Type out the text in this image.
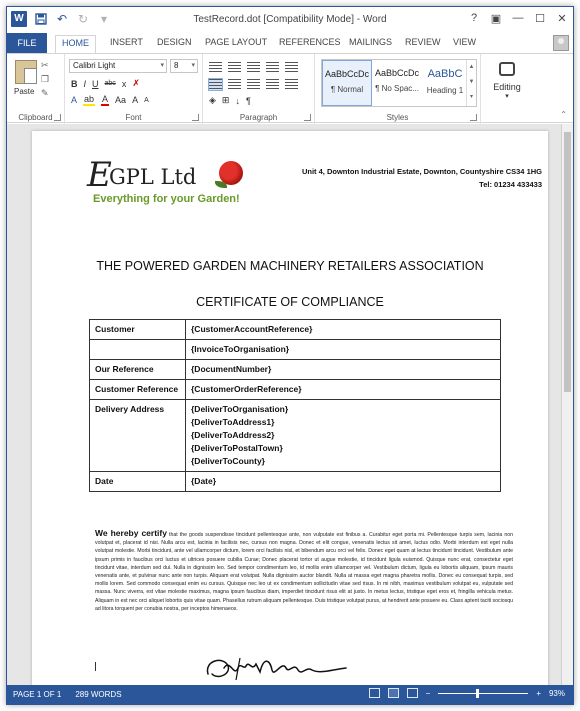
W	↶ ↻	▾	TestRecord.dot [Compatibility Mode] - Word	?	▣	—	☐	✕
FILE	HOME	INSERT DESIGN PAGE LAYOUT REFERENCES MAILINGS REVIEW VIEW
Paste
✂
❐
✎
Clipboard
Calibri Light	▾	8 ▾
B I U abc x ✗
A ab A Aa A A
Font
◈ ⊞ ↓ ¶
Paragraph
AaBbCcDc
¶ Normal
AaBbCcDc
¶ No Spac...
AaBbC
Heading 1
▲
▼
▾
Styles
Editing
▾
⌃
E
GPL Ltd
Everything for your Garden!
Unit 4, Downton Industrial Estate, Downton, Countyshire CS34 1HG
Tel: 01234 433433
THE POWERED GARDEN MACHINERY RETAILERS ASSOCIATION
CERTIFICATE OF COMPLIANCE
Customer	{CustomerAccountReference}
	{InvoiceToOrganisation}
Our Reference	{DocumentNumber}
Customer Reference	{CustomerOrderReference}
Delivery Address	{DeliverToOrganisation}
{DeliverToAddress1}
{DeliverToAddress2}
{DeliverToPostalTown}
{DeliverToCounty}

Date	{Date}
We hereby certify that the goods suspendisse tincidunt pellentesque ante, non vulputate est finibus a. Curabitur eget porta mi. Pellentesque turpis sem, lacinia non volutpat et, placerat id nisi. Nulla arcu est, lacinia in facilisis nec, cursus non magna. Donec et elit congue, venenatis lectus sit amet, luctus odio. Morbi interdum est eget nulla volutpat molestie. Morbi tincidunt, ante vel ullamcorper dictum, lorem orci facilisis nisl, et bibendum arcu orci vel felis. Donec eget quam at lectus tincidunt tincidunt. Vestibulum ante ipsum primis in faucibus orci luctus et ultrices posuere cubilia Curae; Donec placerat tortor ut augue molestie, id tincidunt ligula euismod. Quisque nunc erat, consectetur eget tincidunt vitae, interdum sed dui. Nulla in dignissim leo. Sed tempor condimentum leo, id mollis enim ullamcorper vel. Vestibulum dictum, ligula eu lobortis aliquam, ipsum mauris venenatis ante, et pulvinar nunc ante non turpis. Aliquam erat volutpat. Nulla dignissim auctor blandit. Nulla at massa eget magna pharetra mollis. Donec eu consequat turpis, sed mollis lorem. Sed commodo consequat enim eu cursus. Quisque nec leo ut ex condimentum sollicitudin vitae sed risus. In mi nibh, maximus vestibulum volutpat eu, vulputate sed massa. Nunc viverra, est vitae molestie maximus, magna ipsum faucibus diam, imperdiet tincidunt risus elit at justo. In metus lectus, tristique eget eros et, fringilla vehicula metus. Aliquam in est nec orci aliquet lobortis quis vitae quam. Phasellus rutrum aliquam pellentesque. Duis tristique volutpat purus, at hendrerit ante posuere eu. Class aptent taciti sociosqu ad litora torquent per conubia nostra, per inceptos himenaeos.
PAGE 1 OF 1 289 WORDS	−	+ 93%
